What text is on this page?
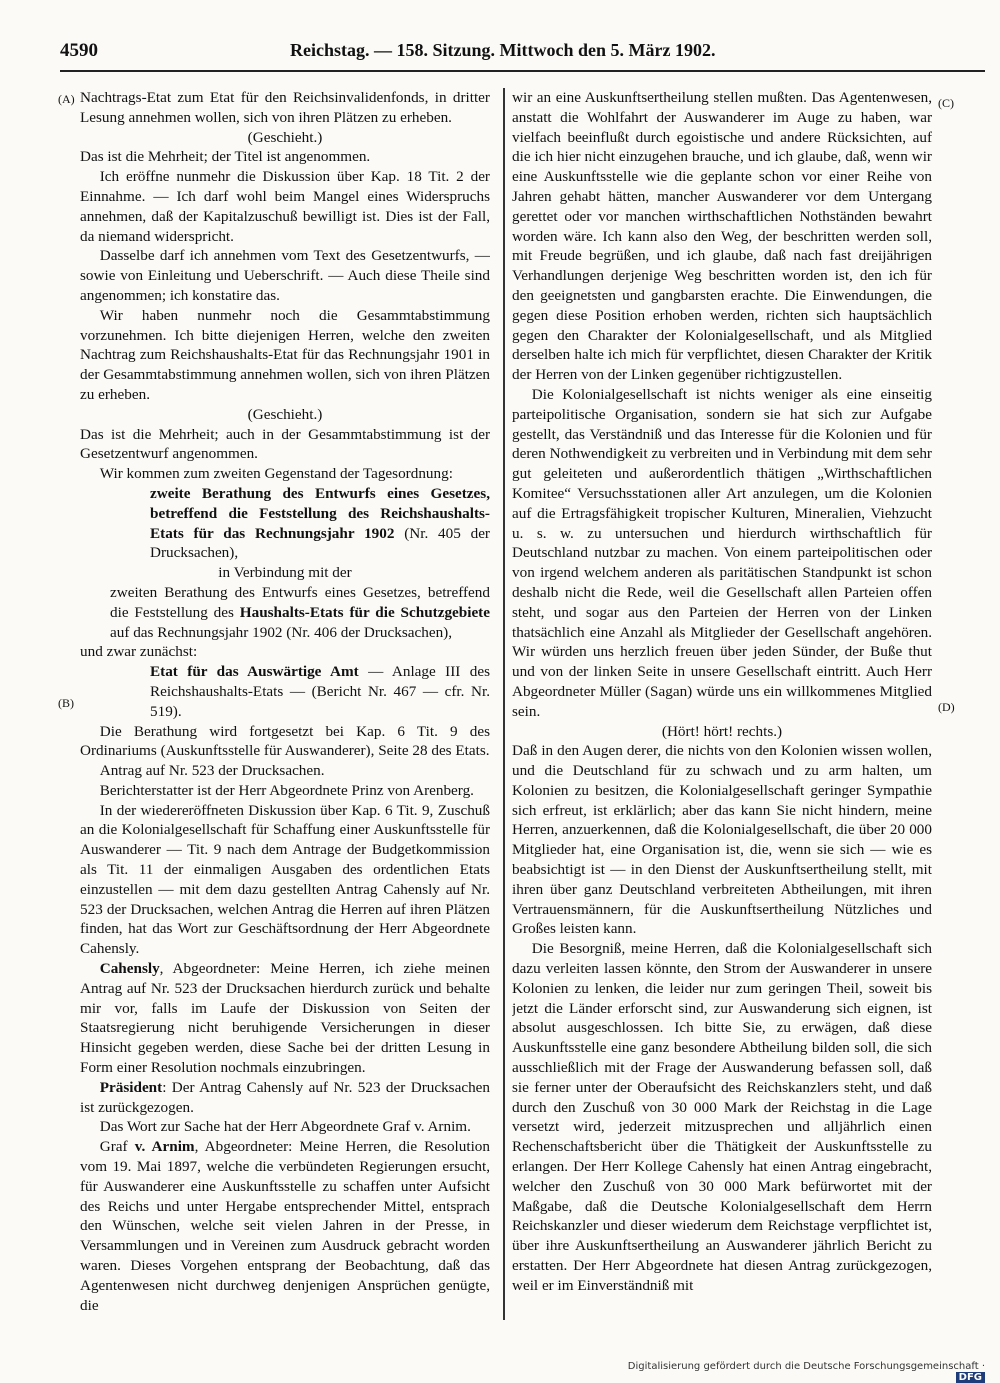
4590	Reichstag. — 158. Sitzung. Mittwoch den 5. März 1902.
(A)
(B)
(C)
(D)

Nachtrags-Etat zum Etat für den Reichsinvalidenfonds, in dritter Lesung annehmen wollen, sich von ihren Plätzen zu erheben.

(Geschieht.)

Das ist die Mehrheit; der Titel ist angenommen.

Ich eröffne nunmehr die Diskussion über Kap. 18 Tit. 2 der Einnahme. — Ich darf wohl beim Mangel eines Widerspruchs annehmen, daß der Kapitalzuschuß bewilligt ist. Dies ist der Fall, da niemand widerspricht.

Dasselbe darf ich annehmen vom Text des Gesetzentwurfs, — sowie von Einleitung und Ueberschrift. — Auch diese Theile sind angenommen; ich konstatire das.

Wir haben nunmehr noch die Gesammtabstimmung vorzunehmen. Ich bitte diejenigen Herren, welche den zweiten Nachtrag zum Reichshaushalts-Etat für das Rechnungsjahr 1901 in der Gesammtabstimmung annehmen wollen, sich von ihren Plätzen zu erheben.

(Geschieht.)

Das ist die Mehrheit; auch in der Gesammtabstimmung ist der Gesetzentwurf angenommen.

Wir kommen zum zweiten Gegenstand der Tagesordnung:

zweite Berathung des Entwurfs eines Gesetzes, betreffend die Feststellung des Reichshaushalts-Etats für das Rechnungsjahr 1902 (Nr. 405 der Drucksachen),

in Verbindung mit der

zweiten Berathung des Entwurfs eines Gesetzes, betreffend die Feststellung des Haushalts-Etats für die Schutzgebiete auf das Rechnungsjahr 1902 (Nr. 406 der Drucksachen),

und zwar zunächst:

Etat für das Auswärtige Amt — Anlage III des Reichshaushalts-Etats — (Bericht Nr. 467 — cfr. Nr. 519).

Die Berathung wird fortgesetzt bei Kap. 6 Tit. 9 des Ordinariums (Auskunftsstelle für Auswanderer), Seite 28 des Etats.

Antrag auf Nr. 523 der Drucksachen.

Berichterstatter ist der Herr Abgeordnete Prinz von Arenberg.

In der wiedereröffneten Diskussion über Kap. 6 Tit. 9, Zuschuß an die Kolonialgesellschaft für Schaffung einer Auskunftsstelle für Auswanderer — Tit. 9 nach dem Antrage der Budgetkommission als Tit. 11 der einmaligen Ausgaben des ordentlichen Etats einzustellen — mit dem dazu gestellten Antrag Cahensly auf Nr. 523 der Drucksachen, welchen Antrag die Herren auf ihren Plätzen finden, hat das Wort zur Geschäftsordnung der Herr Abgeordnete Cahensly.

Cahensly, Abgeordneter: Meine Herren, ich ziehe meinen Antrag auf Nr. 523 der Drucksachen hierdurch zurück und behalte mir vor, falls im Laufe der Diskussion von Seiten der Staatsregierung nicht beruhigende Versicherungen in dieser Hinsicht gegeben werden, diese Sache bei der dritten Lesung in Form einer Resolution nochmals einzubringen.

Präsident: Der Antrag Cahensly auf Nr. 523 der Drucksachen ist zurückgezogen.

Das Wort zur Sache hat der Herr Abgeordnete Graf v. Arnim.

Graf v. Arnim, Abgeordneter: Meine Herren, die Resolution vom 19. Mai 1897, welche die verbündeten Regierungen ersucht, für Auswanderer eine Auskunftsstelle zu schaffen unter Aufsicht des Reichs und unter Hergabe entsprechender Mittel, entsprach den Wünschen, welche seit vielen Jahren in der Presse, in Versammlungen und in Vereinen zum Ausdruck gebracht worden waren. Dieses Vorgehen entsprang der Beobachtung, daß das Agentenwesen nicht durchweg denjenigen Ansprüchen genügte, die

wir an eine Auskunftsertheilung stellen mußten. Das Agentenwesen, anstatt die Wohlfahrt der Auswanderer im Auge zu haben, war vielfach beeinflußt durch egoistische und andere Rücksichten, auf die ich hier nicht einzugehen brauche, und ich glaube, daß, wenn wir eine Auskunftsstelle wie die geplante schon vor einer Reihe von Jahren gehabt hätten, mancher Auswanderer vor dem Untergang gerettet oder vor manchen wirthschaftlichen Nothständen bewahrt worden wäre. Ich kann also den Weg, der beschritten werden soll, mit Freude begrüßen, und ich glaube, daß nach fast dreijährigen Verhandlungen derjenige Weg beschritten worden ist, den ich für den geeignetsten und gangbarsten erachte. Die Einwendungen, die gegen diese Position erhoben werden, richten sich hauptsächlich gegen den Charakter der Kolonialgesellschaft, und als Mitglied derselben halte ich mich für verpflichtet, diesen Charakter der Kritik der Herren von der Linken gegenüber richtigzustellen.

Die Kolonialgesellschaft ist nichts weniger als eine einseitig parteipolitische Organisation, sondern sie hat sich zur Aufgabe gestellt, das Verständniß und das Interesse für die Kolonien und für deren Nothwendigkeit zu verbreiten und in Verbindung mit dem sehr gut geleiteten und außerordentlich thätigen „Wirthschaftlichen Komitee“ Versuchsstationen aller Art anzulegen, um die Kolonien auf die Ertragsfähigkeit tropischer Kulturen, Mineralien, Viehzucht u. s. w. zu untersuchen und hierdurch wirthschaftlich für Deutschland nutzbar zu machen. Von einem parteipolitischen oder von irgend welchem anderen als paritätischen Standpunkt ist schon deshalb nicht die Rede, weil die Gesellschaft allen Parteien offen steht, und sogar aus den Parteien der Herren von der Linken thatsächlich eine Anzahl als Mitglieder der Gesellschaft angehören. Wir würden uns herzlich freuen über jeden Sünder, der Buße thut und von der linken Seite in unsere Gesellschaft eintritt. Auch Herr Abgeordneter Müller (Sagan) würde uns ein willkommenes Mitglied sein.

(Hört! hört! rechts.)

Daß in den Augen derer, die nichts von den Kolonien wissen wollen, und die Deutschland für zu schwach und zu arm halten, um Kolonien zu besitzen, die Kolonialgesellschaft geringer Sympathie sich erfreut, ist erklärlich; aber das kann Sie nicht hindern, meine Herren, anzuerkennen, daß die Kolonialgesellschaft, die über 20 000 Mitglieder hat, eine Organisation ist, die, wenn sie sich — wie es beabsichtigt ist — in den Dienst der Auskunftsertheilung stellt, mit ihren über ganz Deutschland verbreiteten Abtheilungen, mit ihren Vertrauensmännern, für die Auskunftsertheilung Nützliches und Großes leisten kann.

Die Besorgniß, meine Herren, daß die Kolonialgesellschaft sich dazu verleiten lassen könnte, den Strom der Auswanderer in unsere Kolonien zu lenken, die leider nur zum geringen Theil, soweit bis jetzt die Länder erforscht sind, zur Auswanderung sich eignen, ist absolut ausgeschlossen. Ich bitte Sie, zu erwägen, daß diese Auskunftsstelle eine ganz besondere Abtheilung bilden soll, die sich ausschließlich mit der Frage der Auswanderung befassen soll, daß sie ferner unter der Oberaufsicht des Reichskanzlers steht, und daß durch den Zuschuß von 30 000 Mark der Reichstag in die Lage versetzt wird, jederzeit mitzusprechen und alljährlich einen Rechenschaftsbericht über die Thätigkeit der Auskunftsstelle zu erlangen. Der Herr Kollege Cahensly hat einen Antrag eingebracht, welcher den Zuschuß von 30 000 Mark befürwortet mit der Maßgabe, daß die Deutsche Kolonialgesellschaft dem Herrn Reichskanzler und dieser wiederum dem Reichstage verpflichtet ist, über ihre Auskunftsertheilung an Auswanderer jährlich Bericht zu erstatten. Der Herr Abgeordnete hat diesen Antrag zurückgezogen, weil er im Einverständniß mit

Digitalisierung gefördert durch die Deutsche Forschungsgemeinschaft ·DFG
